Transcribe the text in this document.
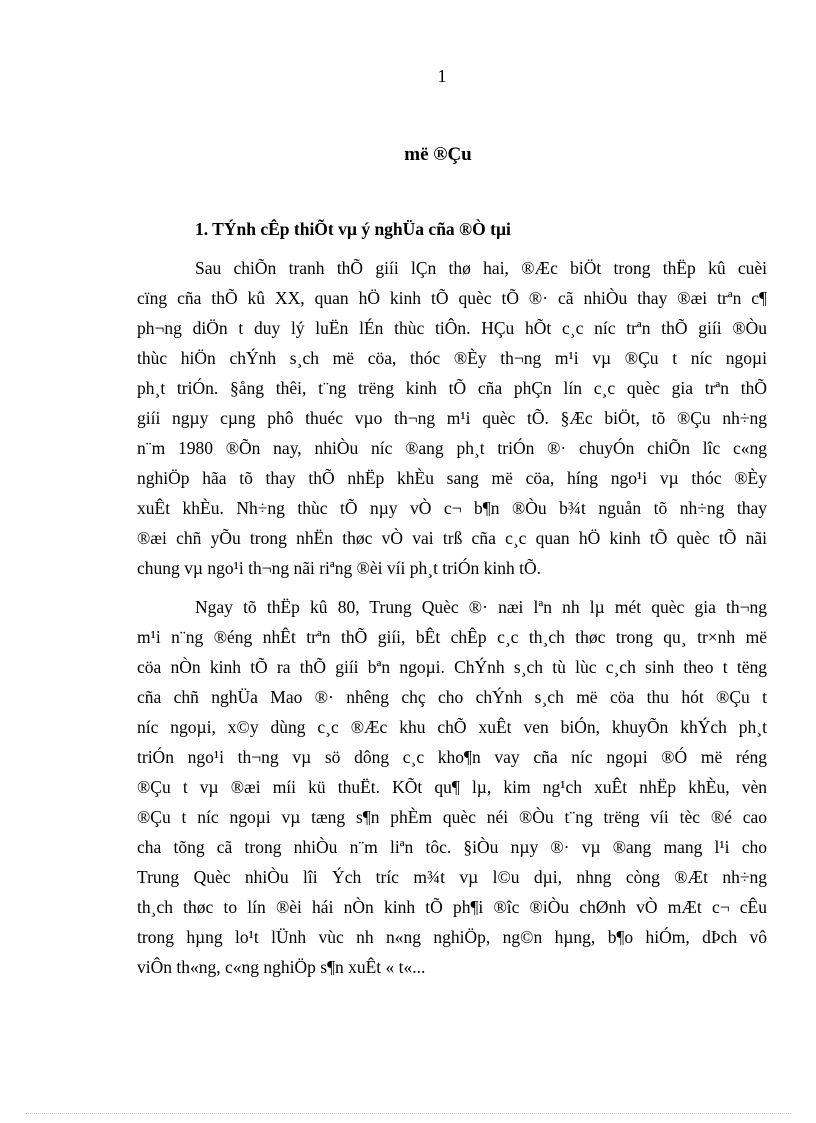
1
më ®Çu
1. TÝnh cÊp thiÕt vµ ý nghÜa cña ®Ò tµi
Sau chiÕn tranh thÕ giíi lÇn thø hai, ®Æc biÖt trong thËp kû cuèi
cïng cña thÕ kû XX, quan hÖ kinh tÕ quèc tÕ ®· cã nhiÒu thay ®æi trªn c¶
ph¬ng diÖn t duy lý luËn lÉn thùc tiÔn. HÇu hÕt c¸c níc trªn thÕ giíi ®Òu
thùc hiÖn chÝnh s¸ch më cöa, thóc ®Èy th¬ng m¹i vµ ®Çu t níc ngoµi
ph¸t triÓn. §ång thêi, t¨ng trëng kinh tÕ cña phÇn lín c¸c quèc gia trªn thÕ
giíi ngµy cµng phô thuéc vµo th¬ng m¹i quèc tÕ. §Æc biÖt, tõ ®Çu nh÷ng
n¨m 1980 ®Õn nay, nhiÒu níc ®ang ph¸t triÓn ®· chuyÓn chiÕn lîc c«ng
nghiÖp hãa tõ thay thÕ nhËp khÈu sang më cöa, híng ngo¹i vµ thóc ®Èy
xuÊt khÈu. Nh÷ng thùc tÕ nµy vÒ c¬ b¶n ®Òu b¾t nguån tõ nh÷ng thay
®æi chñ yÕu trong nhËn thøc vÒ vai trß cña c¸c quan hÖ kinh tÕ quèc tÕ nãi
chung vµ ngo¹i th¬ng nãi riªng ®èi víi ph¸t triÓn kinh tÕ.
Ngay tõ thËp kû 80, Trung Quèc ®· næi lªn nh lµ mét quèc gia th¬ng
m¹i n¨ng ®éng nhÊt trªn thÕ giíi, bÊt chÊp c¸c th¸ch thøc trong qu¸ tr×nh më
cöa nÒn kinh tÕ ra thÕ giíi bªn ngoµi. ChÝnh s¸ch tù lùc c¸ch sinh theo t tëng
cña chñ nghÜa Mao ®· nhêng chç cho chÝnh s¸ch më cöa thu hót ®Çu t
níc ngoµi, x©y dùng c¸c ®Æc khu chÕ xuÊt ven biÓn, khuyÕn khÝch ph¸t
triÓn ngo¹i th¬ng vµ sö dông c¸c kho¶n vay cña níc ngoµi ®Ó më réng
®Çu t vµ ®æi míi kü thuËt. KÕt qu¶ lµ, kim ng¹ch xuÊt nhËp khÈu, vèn
®Çu t níc ngoµi vµ tæng s¶n phÈm quèc néi ®Òu t¨ng trëng víi tèc ®é cao
cha tõng cã trong nhiÒu n¨m liªn tôc. §iÒu nµy ®· vµ ®ang mang l¹i cho
Trung Quèc nhiÒu lîi Ých tríc m¾t vµ l©u dµi, nhng còng ®Æt nh÷ng
th¸ch thøc to lín ®èi hái nÒn kinh tÕ ph¶i ®îc ®iÒu chØnh vÒ mÆt c¬ cÊu
trong hµng lo¹t lÜnh vùc nh n«ng nghiÖp, ng©n hµng, b¶o hiÓm, dÞch vô
viÔn th«ng, c«ng nghiÖp s¶n xuÊt « t«...
